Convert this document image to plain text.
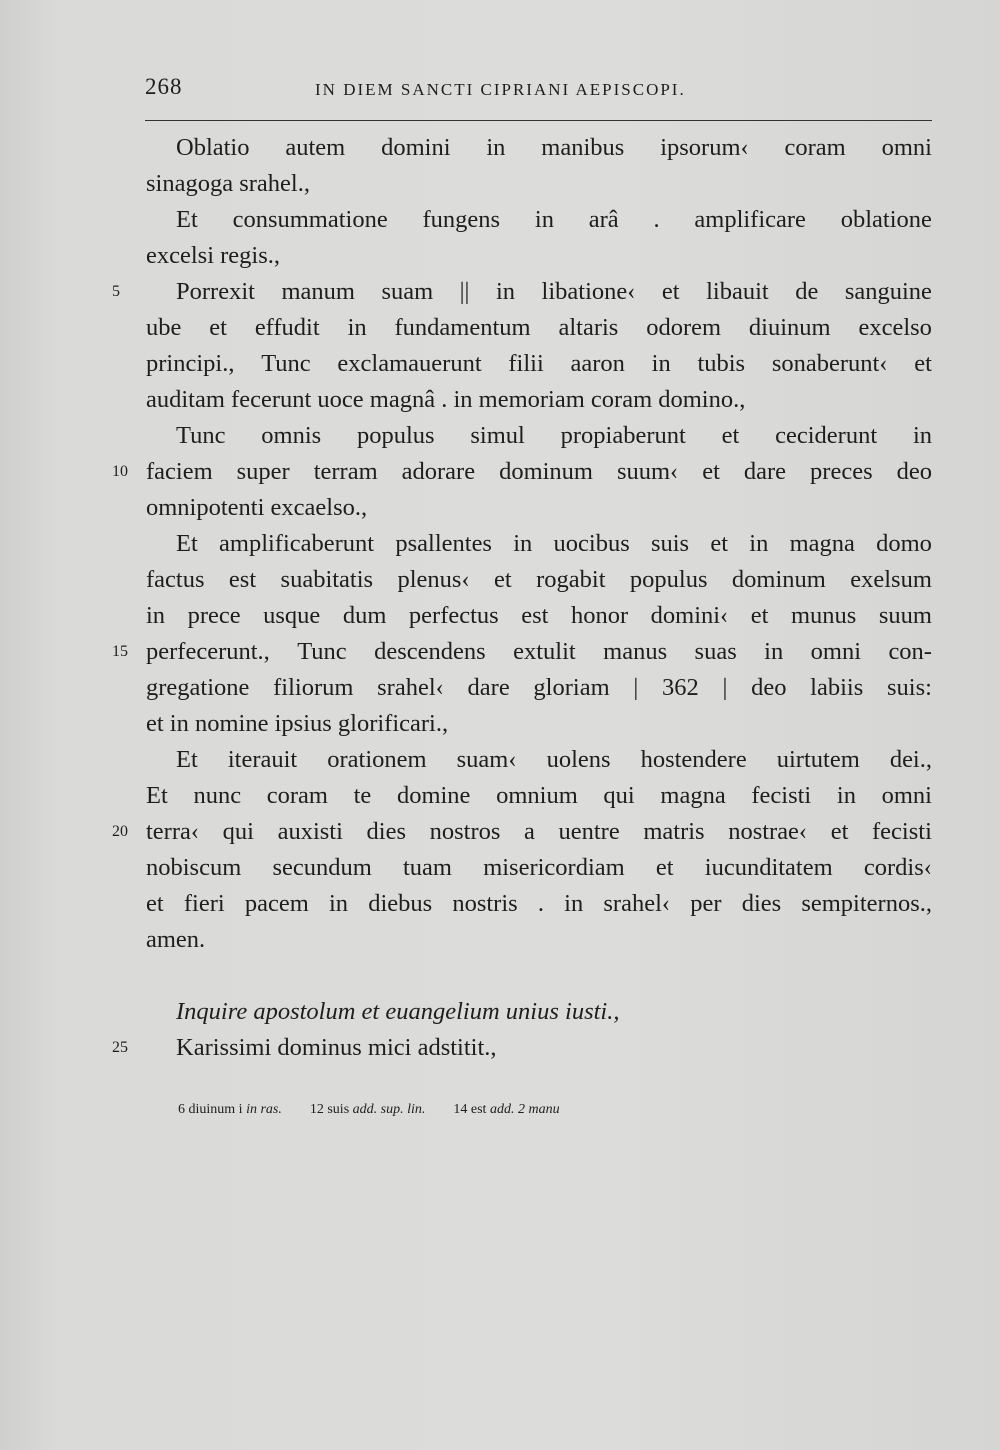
268	IN DIEM SANCTI CIPRIANI AEPISCOPI.
Oblatio autem domini in manibus ipsorum‹ coram omni
sinagoga srahel.,
Et consummatione fungens in arâ . amplificare oblatione
excelsi regis.,
5 Porrexit manum suam || in libatione‹ et libauit de sanguine
ube et effudit in fundamentum altaris odorem diuinum excelso
principi., Tunc exclamauerunt filii aaron in tubis sonaberunt‹ et
auditam fecerunt uoce magnâ . in memoriam coram domino.,
Tunc omnis populus simul propiaberunt et ceciderunt in
10 faciem super terram adorare dominum suum‹ et dare preces deo
omnipotenti excaelso.,
Et amplificaberunt psallentes in uocibus suis et in magna domo
factus est suabitatis plenus‹ et rogabit populus dominum exelsum
in prece usque dum perfectus est honor domini‹ et munus suum
15 perfecerunt., Tunc descendens extulit manus suas in omni con-
gregatione filiorum srahel‹ dare gloriam | 362 | deo labiis suis:
et in nomine ipsius glorificari.,
Et iterauit orationem suam‹ uolens hostendere uirtutem dei.,
Et nunc coram te domine omnium qui magna fecisti in omni
20 terra‹ qui auxisti dies nostros a uentre matris nostrae‹ et fecisti
nobiscum secundum tuam misericordiam et iucunditatem cordis‹
et fieri pacem in diebus nostris . in srahel‹ per dies sempiternos.,
amen.
Inquire apostolum et euangelium unius iusti.,
25 Karissimi dominus mici adstitit.,
6 diuinum i in ras. 12 suis add. sup. lin. 14 est add. 2 manu
